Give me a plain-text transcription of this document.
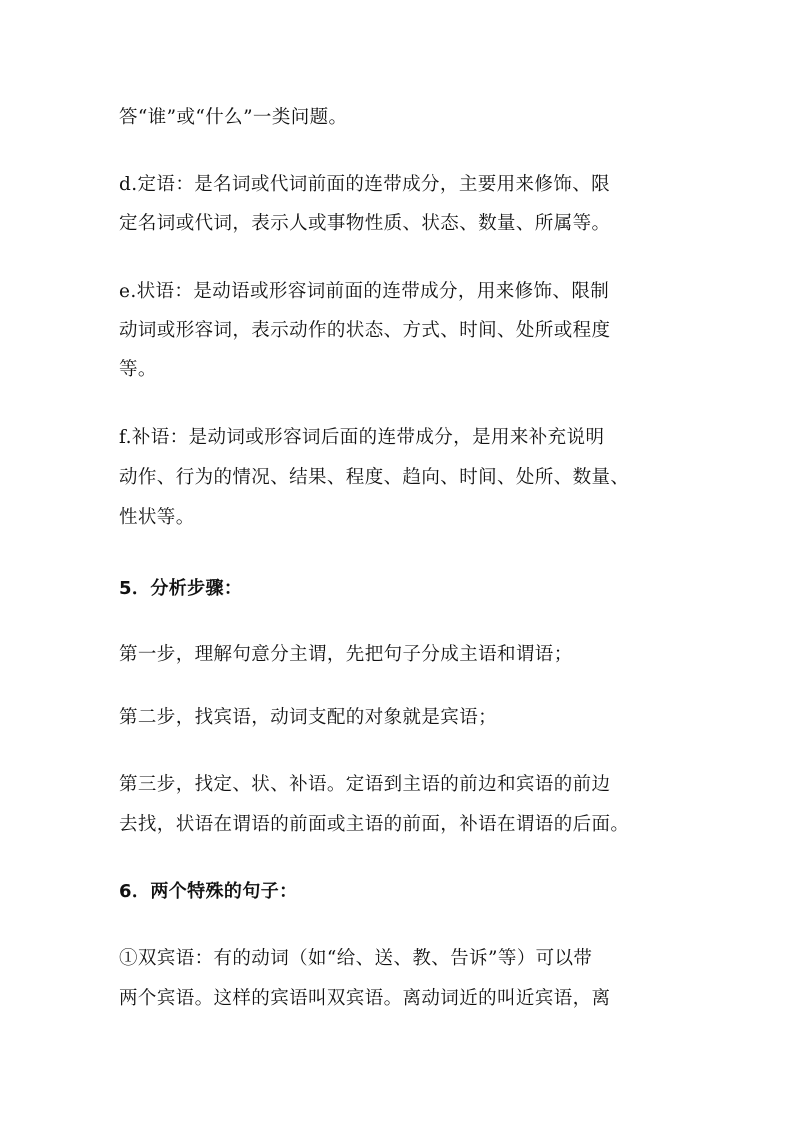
答“谁”或“什么”一类问题。
d.定语：是名词或代词前面的连带成分，主要用来修饰、限
定名词或代词，表示人或事物性质、状态、数量、所属等。
e.状语：是动语或形容词前面的连带成分，用来修饰、限制
动词或形容词，表示动作的状态、方式、时间、处所或程度
等。
f.补语：是动词或形容词后面的连带成分，是用来补充说明
动作、行为的情况、结果、程度、趋向、时间、处所、数量、
性状等。
5．分析步骤：
第一步，理解句意分主谓，先把句子分成主语和谓语；
第二步，找宾语，动词支配的对象就是宾语；
第三步，找定、状、补语。定语到主语的前边和宾语的前边
去找，状语在谓语的前面或主语的前面，补语在谓语的后面。
6．两个特殊的句子：
①双宾语：有的动词（如“给、送、教、告诉”等）可以带
两个宾语。这样的宾语叫双宾语。离动词近的叫近宾语，离
